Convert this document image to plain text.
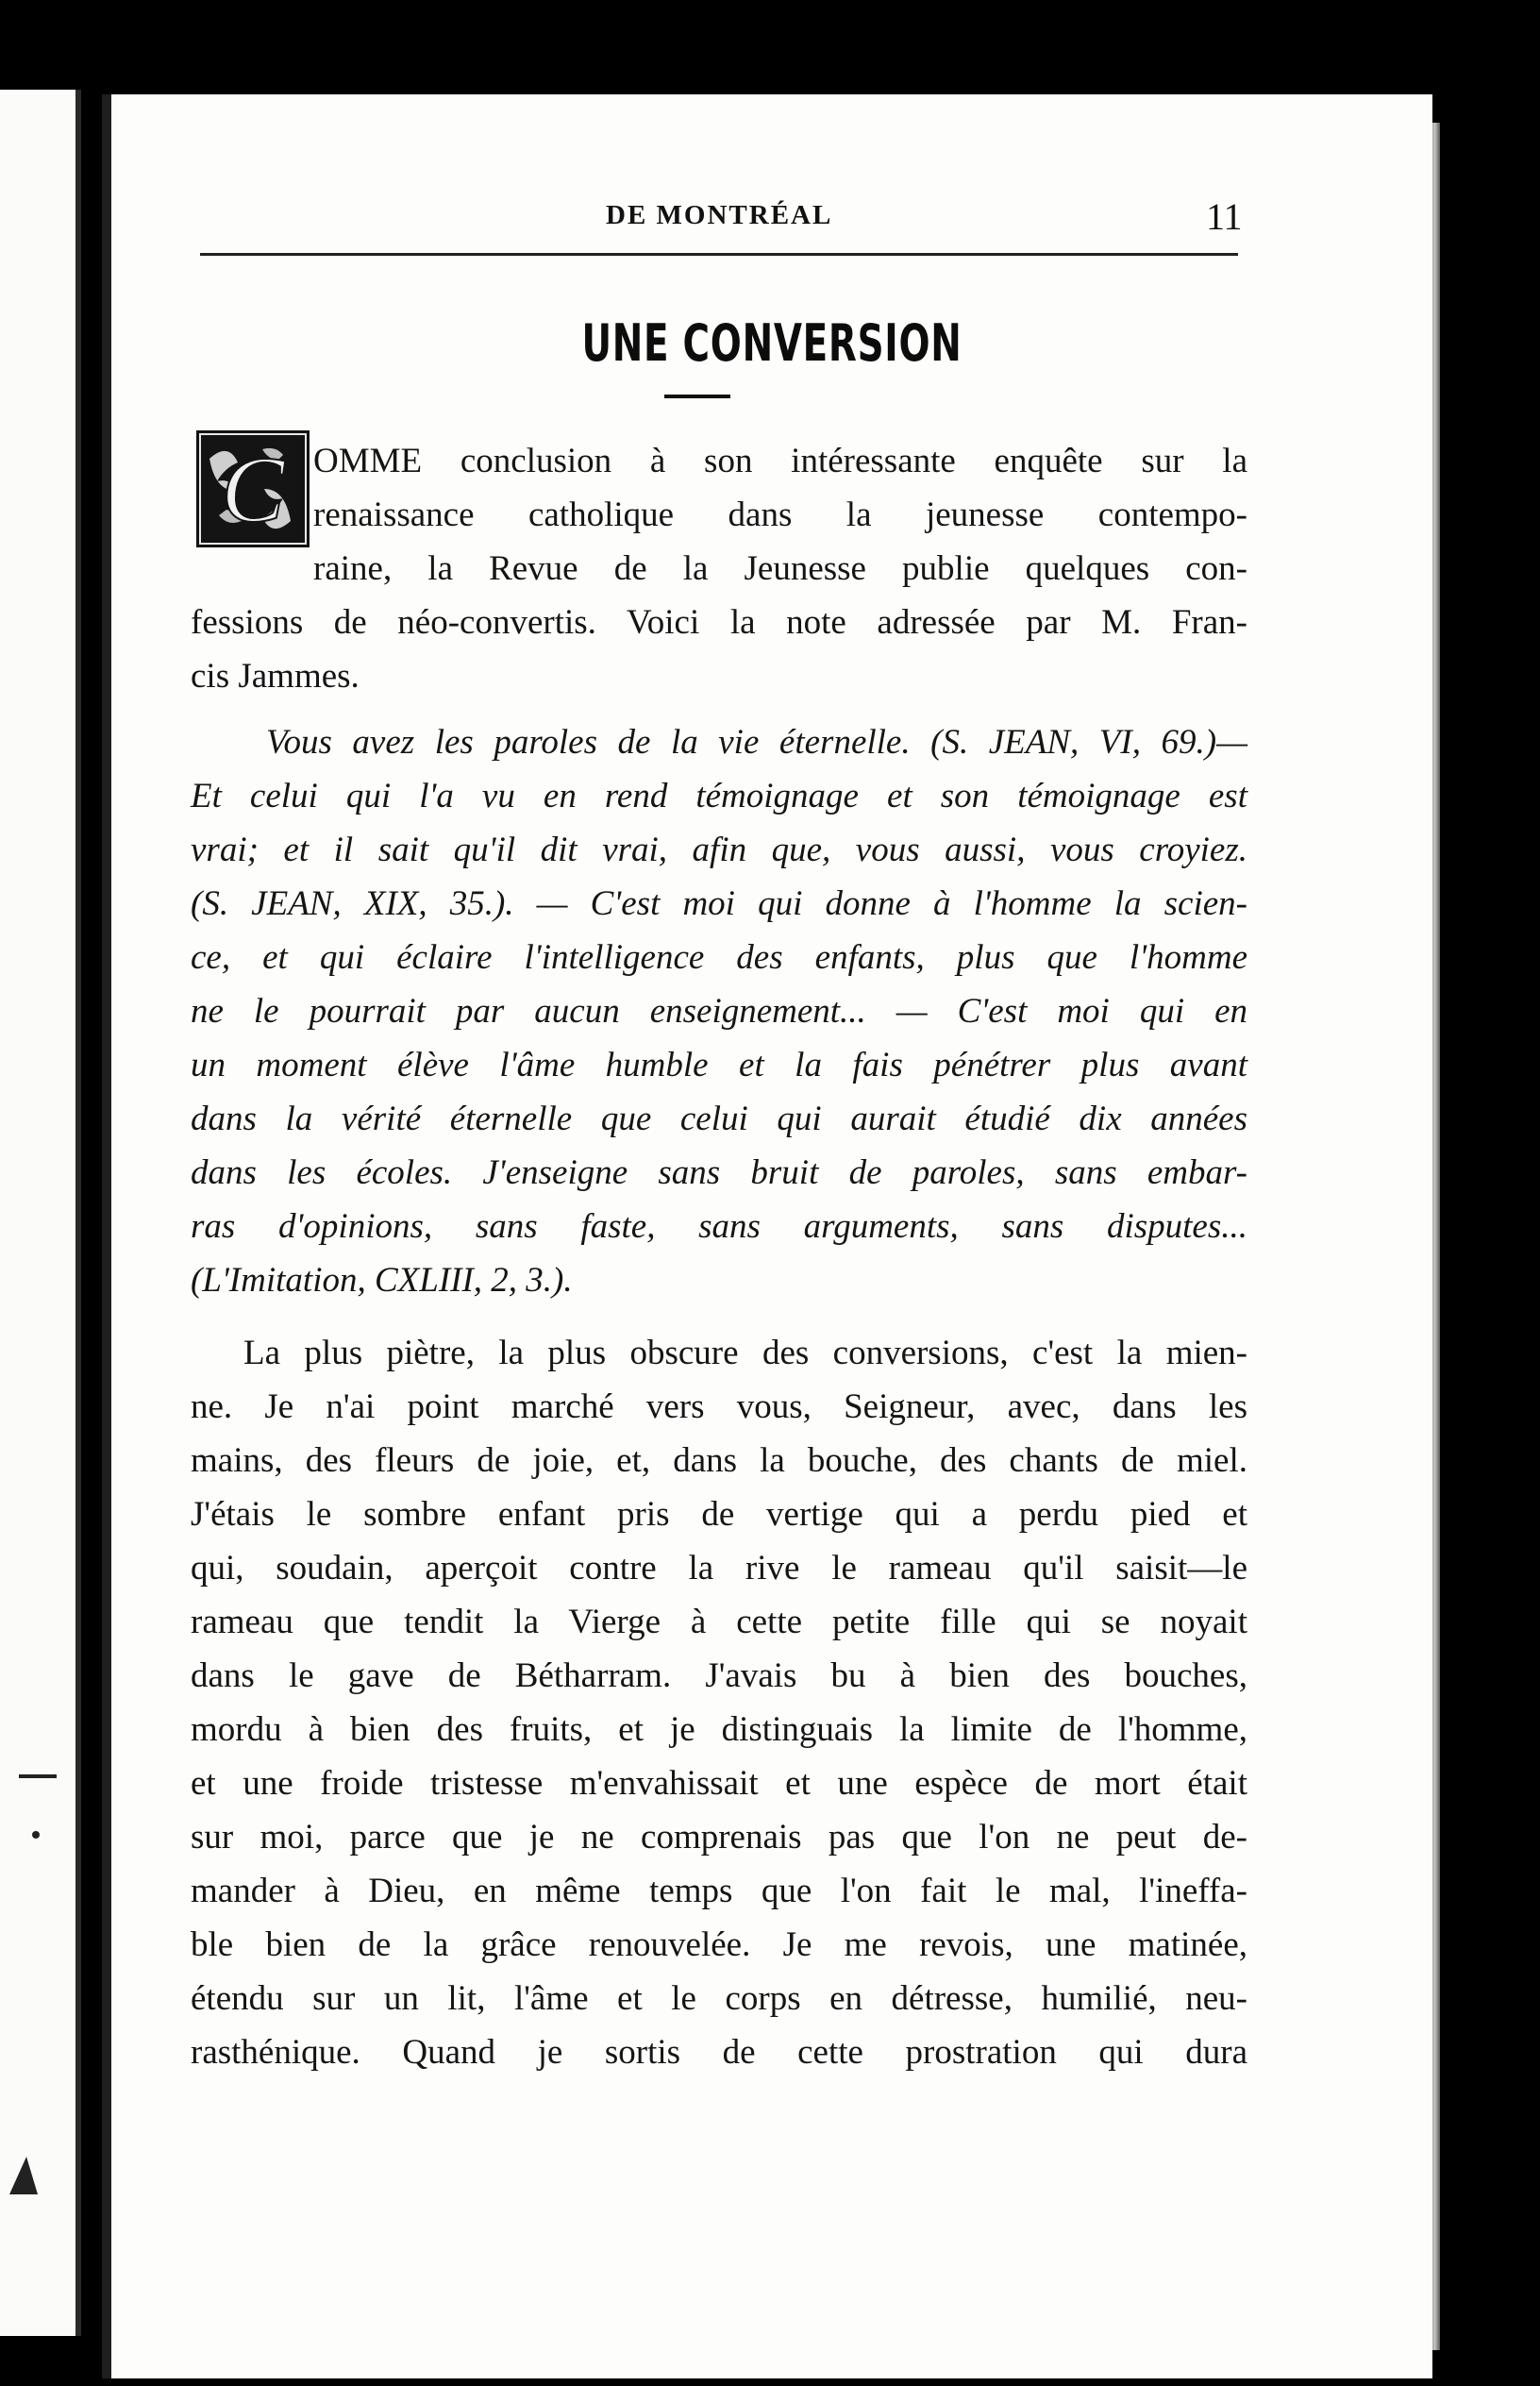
DE MONTRÉAL	11
UNE CONVERSION
C OMME conclusion à son intéressante enquête sur la
renaissance catholique dans la jeunesse contempo-
raine, la Revue de la Jeunesse publie quelques con-
fessions de néo-convertis. Voici la note adressée par M. Fran-
cis Jammes.
Vous avez les paroles de la vie éternelle. (S. JEAN, VI, 69.)—
Et celui qui l'a vu en rend témoignage et son témoignage est
vrai; et il sait qu'il dit vrai, afin que, vous aussi, vous croyiez.
(S. JEAN, XIX, 35.). — C'est moi qui donne à l'homme la scien-
ce, et qui éclaire l'intelligence des enfants, plus que l'homme
ne le pourrait par aucun enseignement... — C'est moi qui en
un moment élève l'âme humble et la fais pénétrer plus avant
dans la vérité éternelle que celui qui aurait étudié dix années
dans les écoles. J'enseigne sans bruit de paroles, sans embar-
ras d'opinions, sans faste, sans arguments, sans disputes...
(L'Imitation, CXLIII, 2, 3.).
La plus piètre, la plus obscure des conversions, c'est la mien-
ne. Je n'ai point marché vers vous, Seigneur, avec, dans les
mains, des fleurs de joie, et, dans la bouche, des chants de miel.
J'étais le sombre enfant pris de vertige qui a perdu pied et
qui, soudain, aperçoit contre la rive le rameau qu'il saisit—le
rameau que tendit la Vierge à cette petite fille qui se noyait
dans le gave de Bétharram. J'avais bu à bien des bouches,
mordu à bien des fruits, et je distinguais la limite de l'homme,
et une froide tristesse m'envahissait et une espèce de mort était
sur moi, parce que je ne comprenais pas que l'on ne peut de-
mander à Dieu, en même temps que l'on fait le mal, l'ineffa-
ble bien de la grâce renouvelée. Je me revois, une matinée,
étendu sur un lit, l'âme et le corps en détresse, humilié, neu-
rasthénique. Quand je sortis de cette prostration qui dura
